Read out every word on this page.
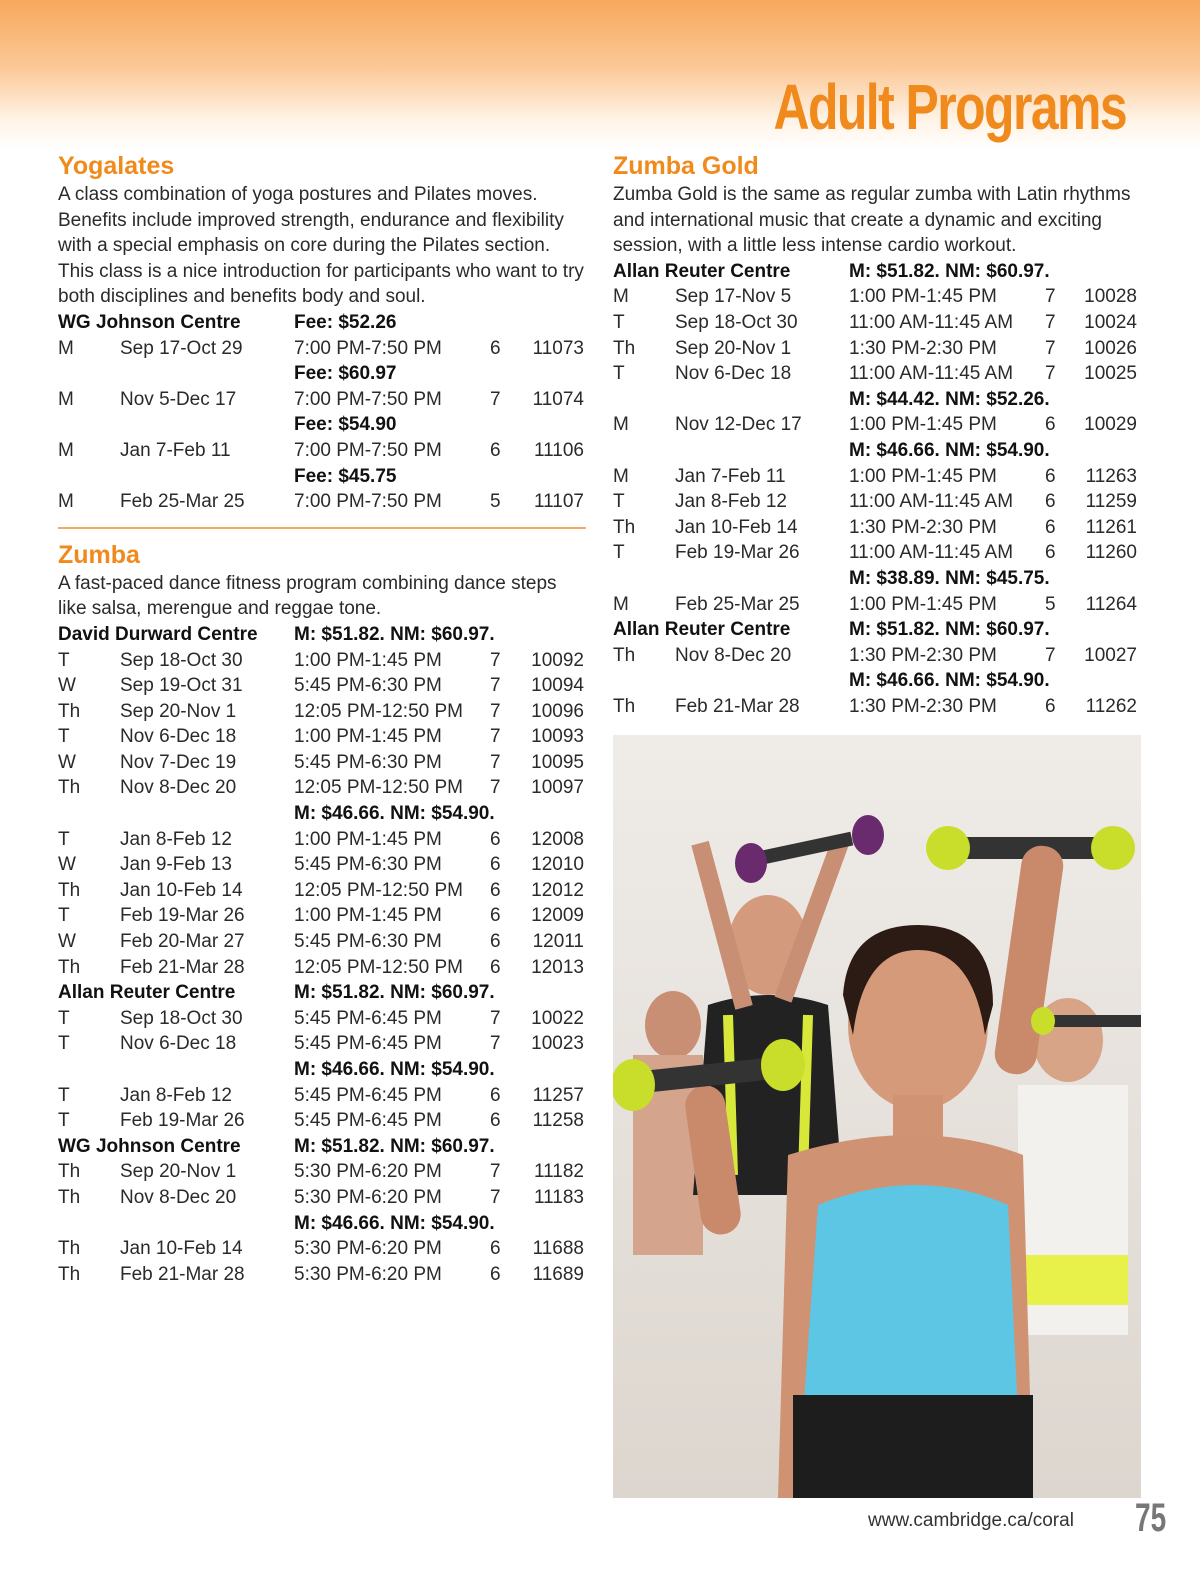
Adult Programs
Yogalates

A class combination of yoga postures and Pilates moves. Benefits include improved strength, endurance and flexibility with a special emphasis on core during the Pilates section. This class is a nice introduction for participants who want to try both disciplines and benefits body and soul.

WG Johnson Centre	Fee: $52.26
M Sep 17-Oct 29	7:00 PM-7:50 PM	6 11073
Fee: $60.97
M Nov 5-Dec 17	7:00 PM-7:50 PM	7 11074
Fee: $54.90
M Jan 7-Feb 11	7:00 PM-7:50 PM	6 11106
Fee: $45.75
M Feb 25-Mar 25	7:00 PM-7:50 PM	5 11107
Zumba

A fast-paced dance fitness program combining dance steps like salsa, merengue and reggae tone.

David Durward Centre M: $51.82. NM: $60.97.
T	Sep 18-Oct 30	1:00 PM-1:45 PM	7 10092
W Sep 19-Oct 31	5:45 PM-6:30 PM	7 10094
Th Sep 20-Nov 1	12:05 PM-12:50 PM 7 10096
T	Nov 6-Dec 18	1:00 PM-1:45 PM	7 10093
W Nov 7-Dec 19	5:45 PM-6:30 PM	7 10095
Th Nov 8-Dec 20	12:05 PM-12:50 PM 7 10097
M: $46.66. NM: $54.90.
T	Jan 8-Feb 12	1:00 PM-1:45 PM	6 12008
W Jan 9-Feb 13	5:45 PM-6:30 PM	6 12010
Th Jan 10-Feb 14	12:05 PM-12:50 PM 6 12012
T	Feb 19-Mar 26	1:00 PM-1:45 PM	6 12009
W Feb 20-Mar 27	5:45 PM-6:30 PM	6 12011
Th Feb 21-Mar 28	12:05 PM-12:50 PM 6 12013
Allan Reuter Centre	M: $51.82. NM: $60.97.
T	Sep 18-Oct 30	5:45 PM-6:45 PM	7 10022
T	Nov 6-Dec 18	5:45 PM-6:45 PM	7 10023
M: $46.66. NM: $54.90.
T	Jan 8-Feb 12	5:45 PM-6:45 PM	6 11257
T	Feb 19-Mar 26	5:45 PM-6:45 PM	6 11258
WG Johnson Centre	M: $51.82. NM: $60.97.
Th Sep 20-Nov 1	5:30 PM-6:20 PM	7 11182
Th Nov 8-Dec 20	5:30 PM-6:20 PM	7 11183
M: $46.66. NM: $54.90.
Th Jan 10-Feb 14	5:30 PM-6:20 PM	6 11688
Th Feb 21-Mar 28	5:30 PM-6:20 PM	6 11689
Zumba Gold

Zumba Gold is the same as regular zumba with Latin rhythms and international music that create a dynamic and exciting session, with a little less intense cardio workout.

Allan Reuter Centre	M: $51.82. NM: $60.97.
M Sep 17-Nov 5	1:00 PM-1:45 PM	7 10028
T	Sep 18-Oct 30	11:00 AM-11:45 AM 7 10024
Th Sep 20-Nov 1	1:30 PM-2:30 PM	7 10026
T	Nov 6-Dec 18	11:00 AM-11:45 AM 7 10025
M: $44.42. NM: $52.26.
M Nov 12-Dec 17 1:00 PM-1:45 PM	6 10029
M: $46.66. NM: $54.90.
M Jan 7-Feb 11	1:00 PM-1:45 PM	6 11263
T	Jan 8-Feb 12	11:00 AM-11:45 AM 6 11259
Th Jan 10-Feb 14	1:30 PM-2:30 PM	6 11261
T	Feb 19-Mar 26	11:00 AM-11:45 AM 6 11260
M: $38.89. NM: $45.75.
M Feb 25-Mar 25	1:00 PM-1:45 PM	5 11264
Allan Reuter Centre	M: $51.82. NM: $60.97.
Th Nov 8-Dec 20	1:30 PM-2:30 PM	7 10027
M: $46.66. NM: $54.90.
Th Feb 21-Mar 28	1:30 PM-2:30 PM	6 11262
www.cambridge.ca/coral 75
